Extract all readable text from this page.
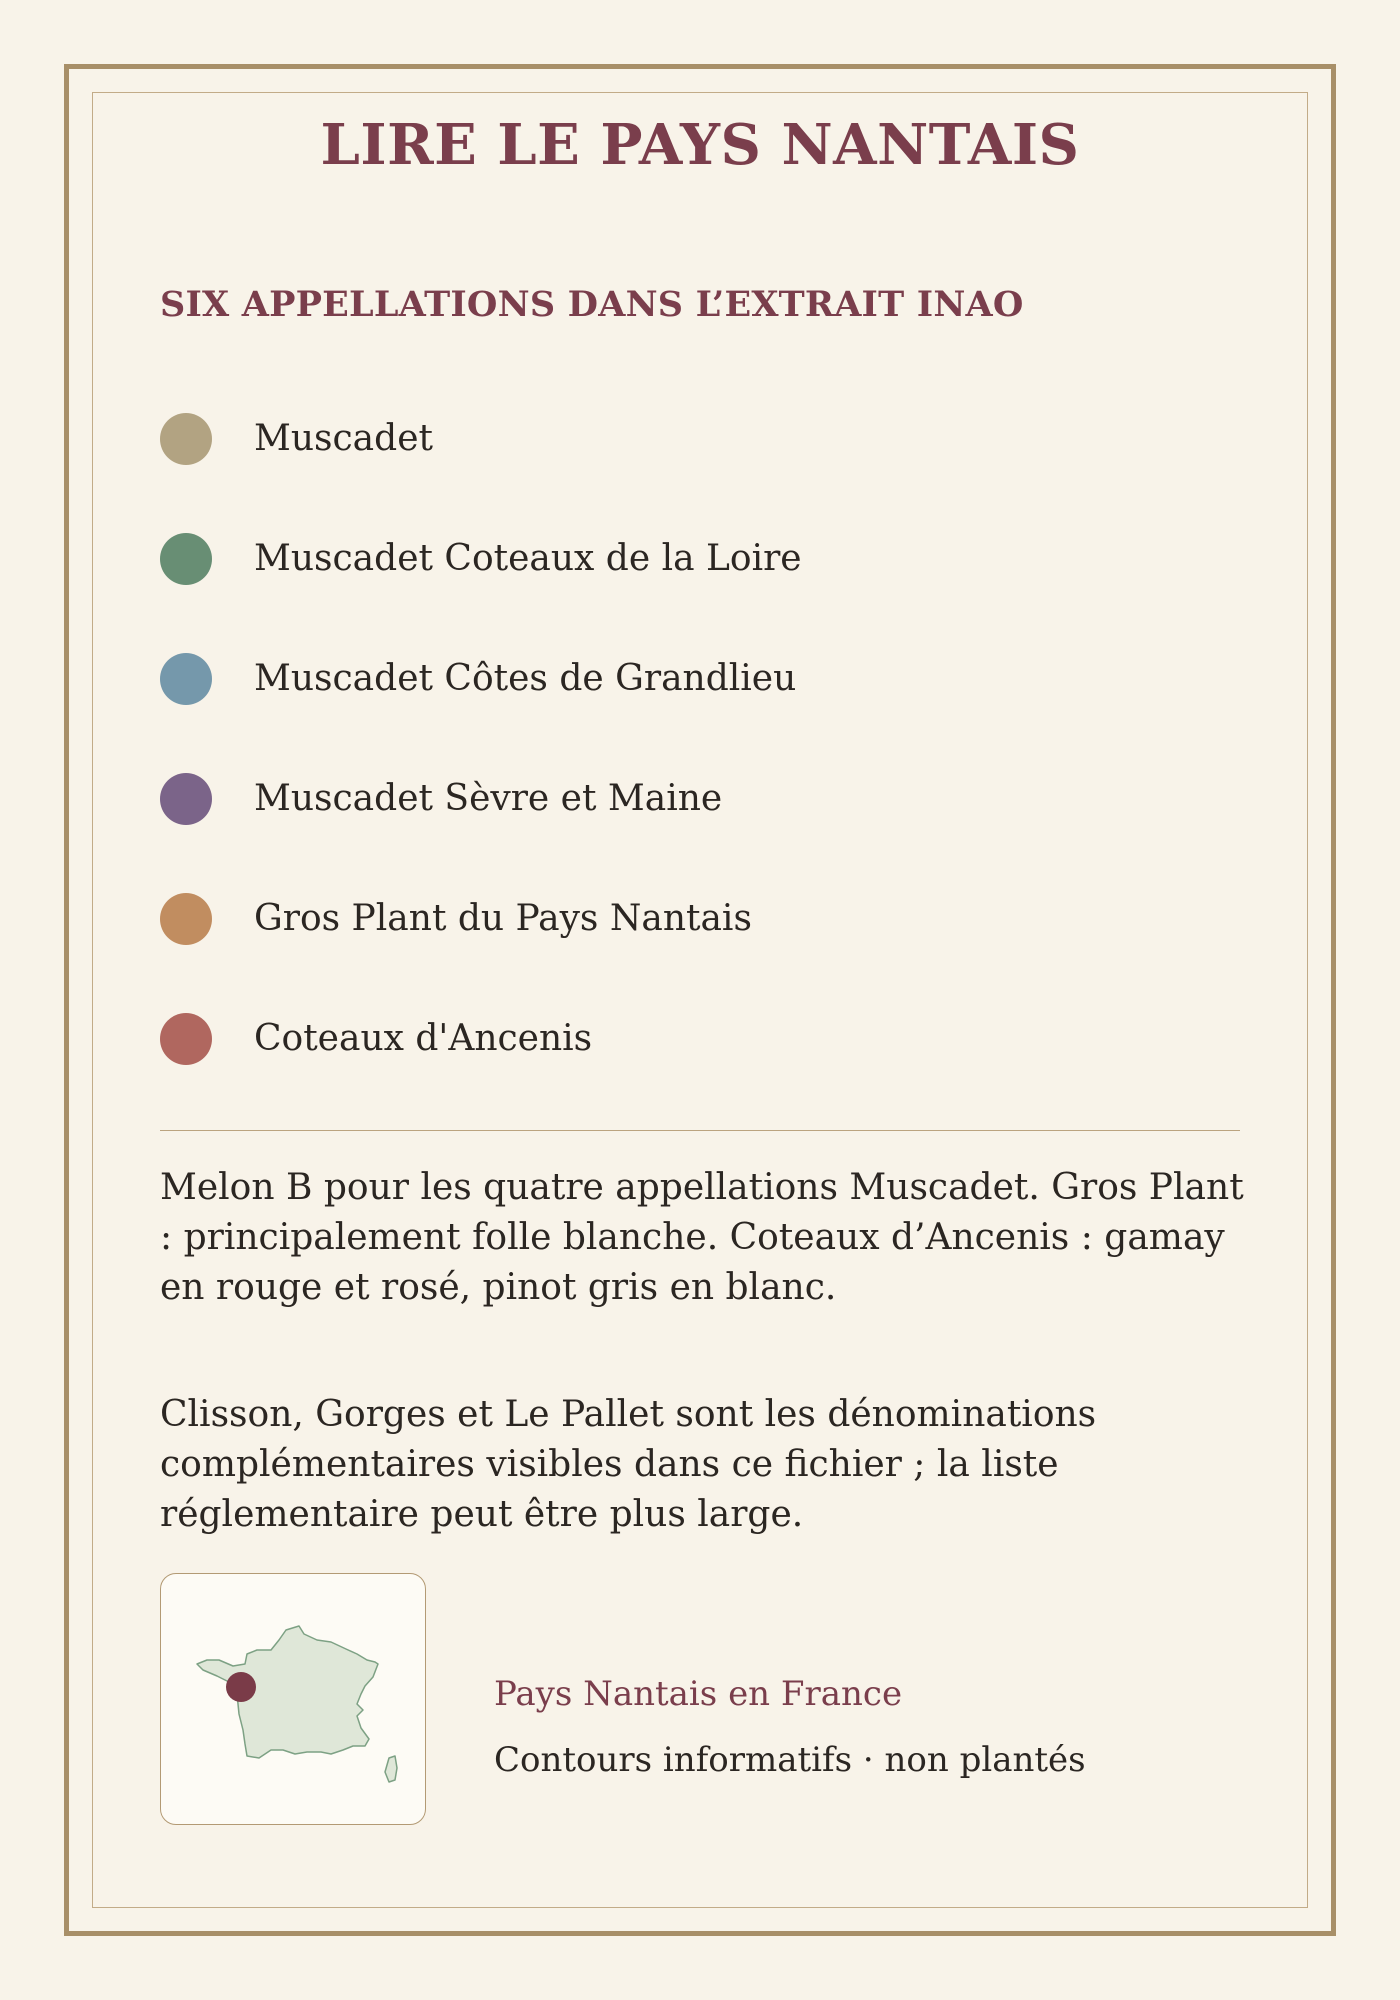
LIRE LE PAYS NANTAIS
SIX APPELLATIONS DANS L’EXTRAIT INAO
Muscadet
Muscadet Coteaux de la Loire
Muscadet Côtes de Grandlieu
Muscadet Sèvre et Maine
Gros Plant du Pays Nantais
Coteaux d'Ancenis

Melon B pour les quatre appellations Muscadet. Gros Plant : principalement folle blanche. Coteaux d’Ancenis : gamay en rouge et rosé, pinot gris en blanc.

Clisson, Gorges et Le Pallet sont les dénominations complémentaires visibles dans ce fichier ; la liste réglementaire peut être plus large.

Pays Nantais en France

Contours informatifs · non plantés
